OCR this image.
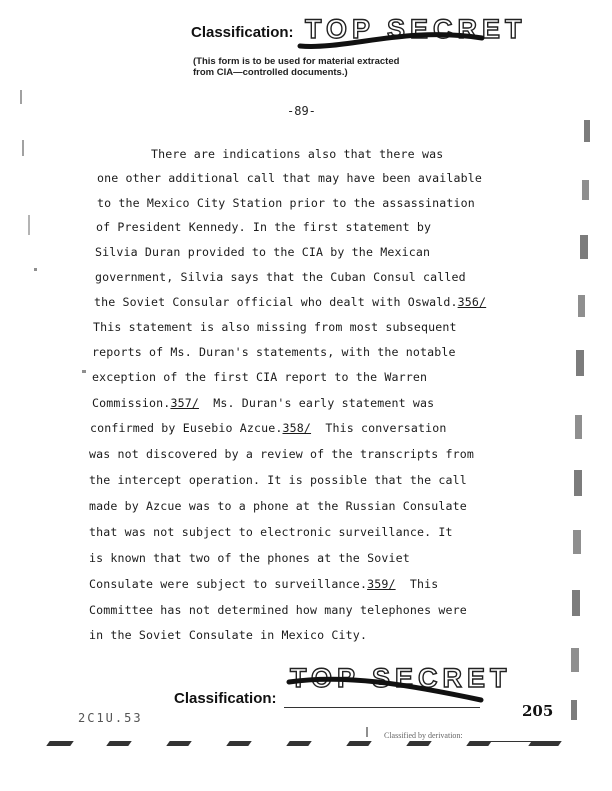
Classification: TOP SECRET
(This form is to be used for material extracted
from CIA—controlled documents.)
-89-
There are indications also that there was
one other additional call that may have been available
to the Mexico City Station prior to the assassination
of President Kennedy. In the first statement by
Silvia Duran provided to the CIA by the Mexican
government, Silvia says that the Cuban Consul called
the Soviet Consular official who dealt with Oswald.356/
This statement is also missing from most subsequent
reports of Ms. Duran's statements, with the notable
exception of the first CIA report to the Warren
Commission.357/ Ms. Duran's early statement was
confirmed by Eusebio Azcue.358/ This conversation
was not discovered by a review of the transcripts from
the intercept operation. It is possible that the call
made by Azcue was to a phone at the Russian Consulate
that was not subject to electronic surveillance. It
is known that two of the phones at the Soviet
Consulate were subject to surveillance.359/ This
Committee has not determined how many telephones were
in the Soviet Consulate in Mexico City.
TOP SECRET
Classification:
2C1U.53	205
Classified by derivation:
